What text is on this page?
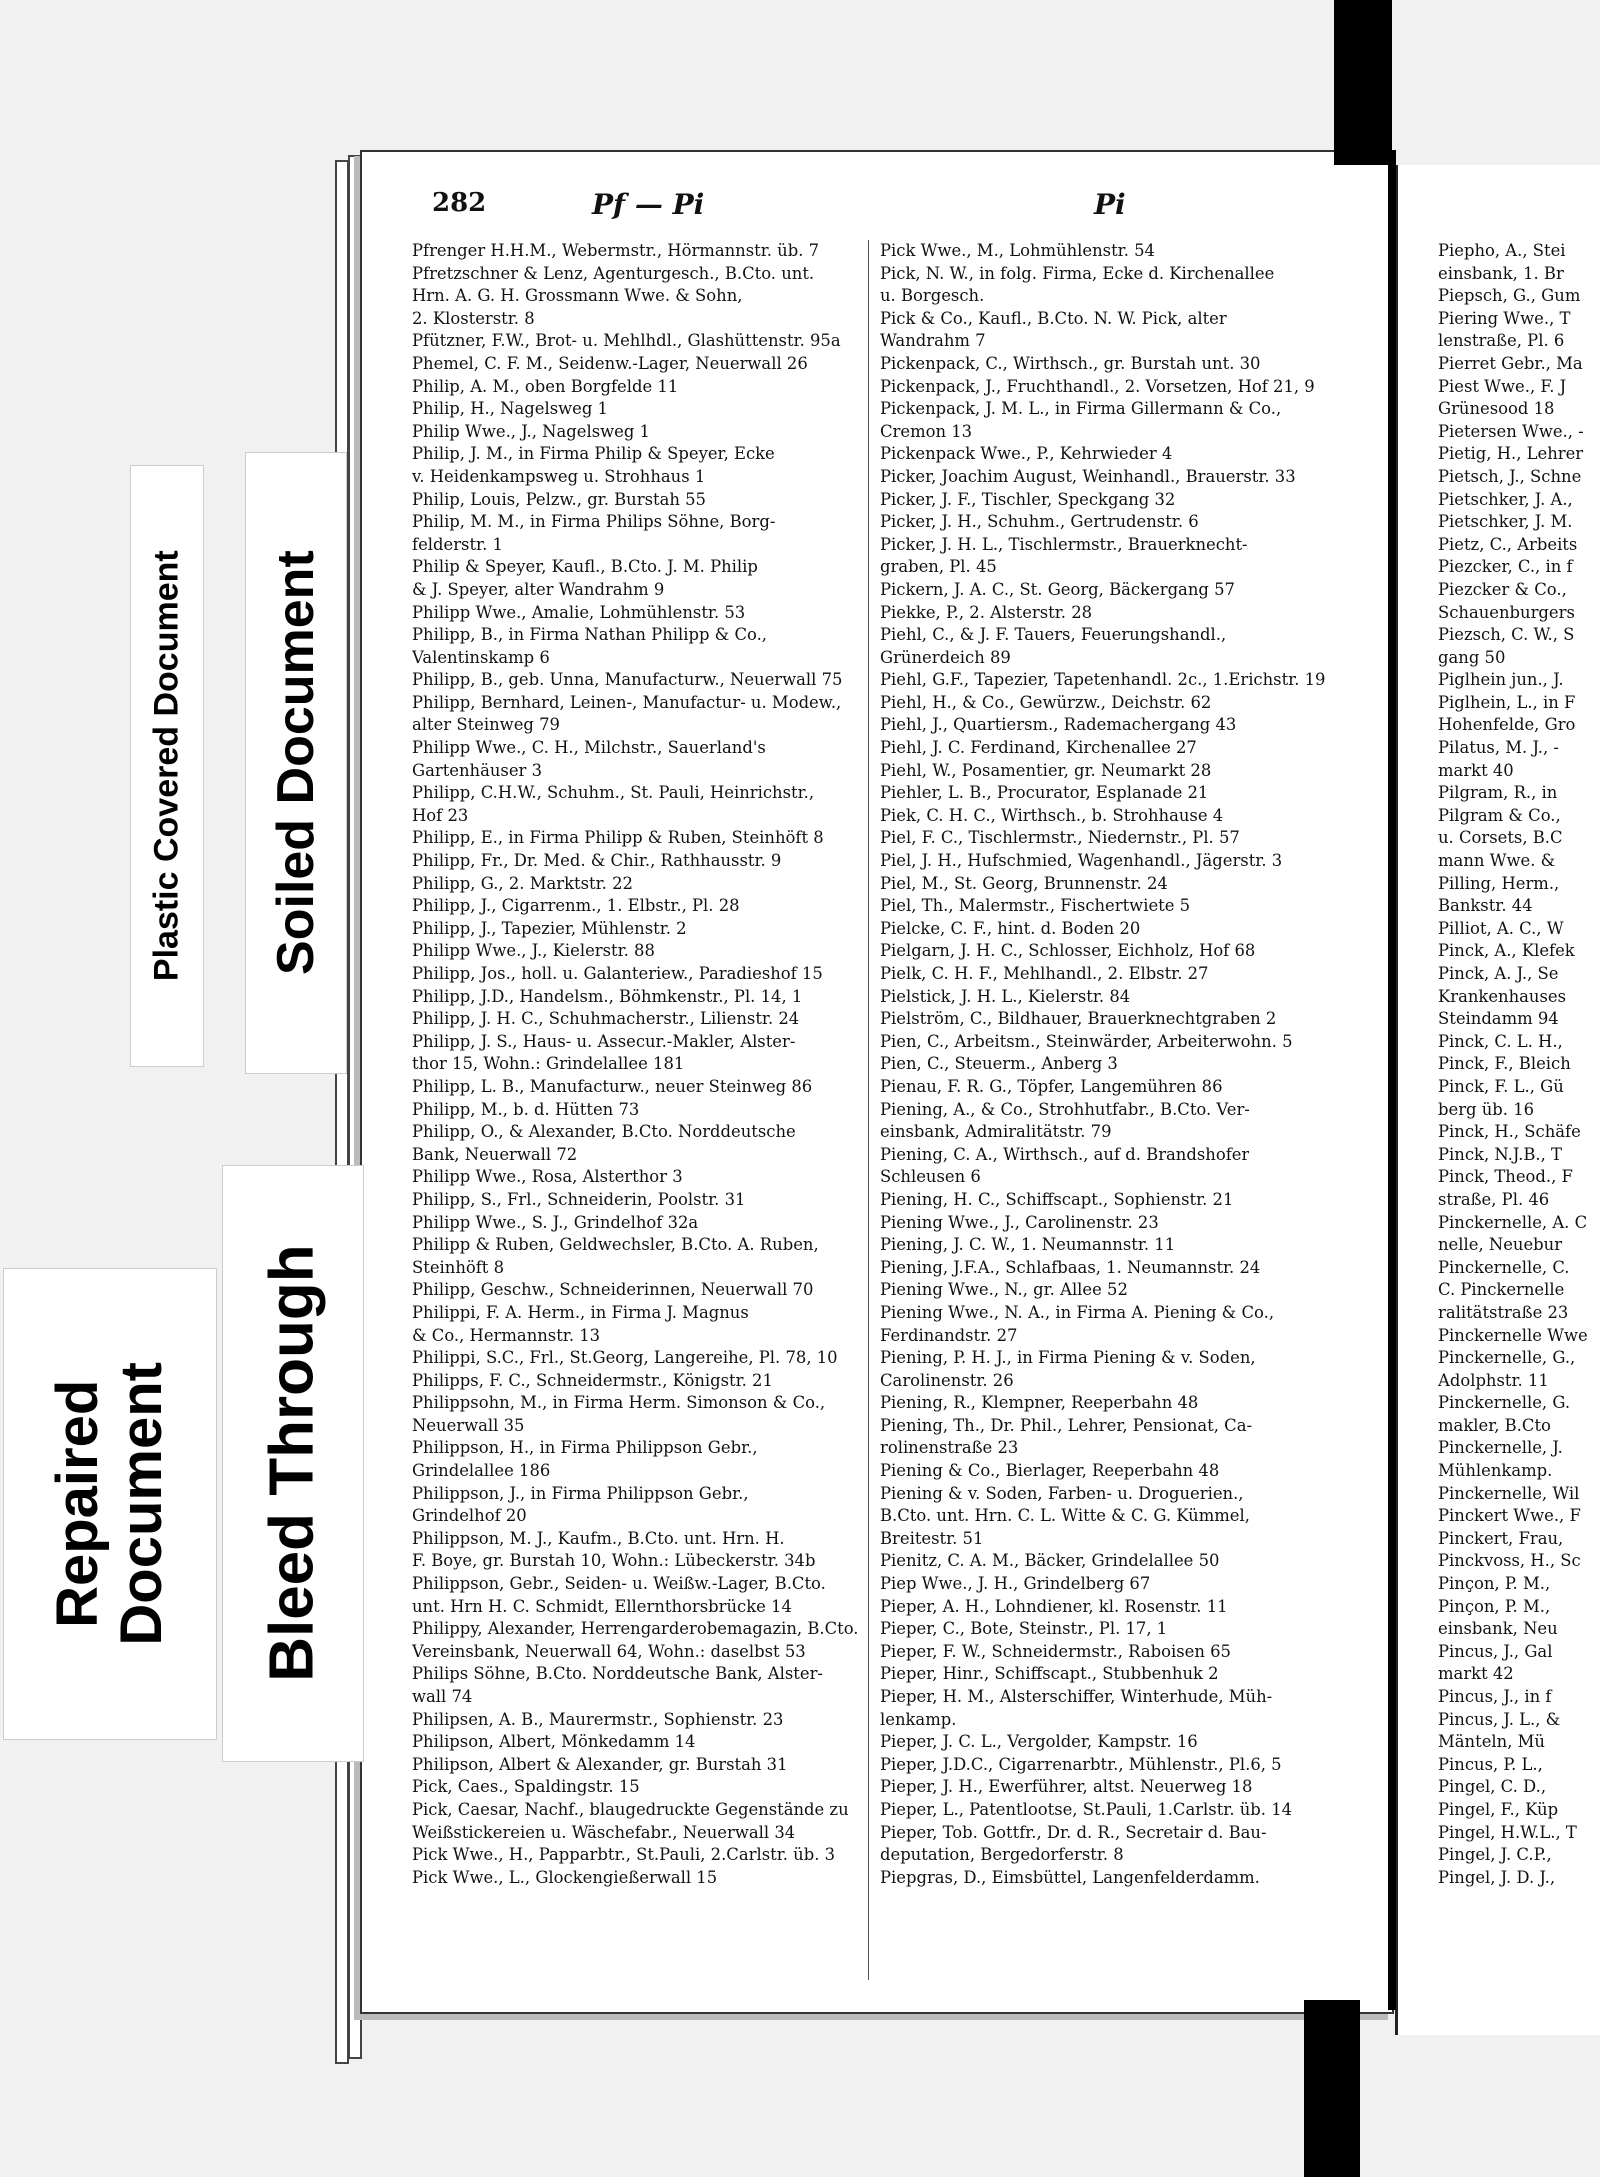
Plastic Covered Document Soiled Document
Repaired
Document Bleed Through
282	Pf — Pi	Pi
Pfrenger H.H.M., Webermstr., Hörmannstr. üb. 7
Pfretzschner & Lenz, Agenturgesch., B.Cto. unt.
Hrn. A. G. H. Grossmann Wwe. & Sohn,
2. Klosterstr. 8
Pfützner, F.W., Brot- u. Mehlhdl., Glashüttenstr. 95a
Phemel, C. F. M., Seidenw.-Lager, Neuerwall 26
Philip, A. M., oben Borgfelde 11
Philip, H., Nagelsweg 1
Philip Wwe., J., Nagelsweg 1
Philip, J. M., in Firma Philip & Speyer, Ecke
v. Heidenkampsweg u. Strohhaus 1
Philip, Louis, Pelzw., gr. Burstah 55
Philip, M. M., in Firma Philips Söhne, Borg-
felderstr. 1
Philip & Speyer, Kaufl., B.Cto. J. M. Philip
& J. Speyer, alter Wandrahm 9
Philipp Wwe., Amalie, Lohmühlenstr. 53
Philipp, B., in Firma Nathan Philipp & Co.,
Valentinskamp 6
Philipp, B., geb. Unna, Manufacturw., Neuerwall 75
Philipp, Bernhard, Leinen-, Manufactur- u. Modew.,
alter Steinweg 79
Philipp Wwe., C. H., Milchstr., Sauerland's
Gartenhäuser 3
Philipp, C.H.W., Schuhm., St. Pauli, Heinrichstr.,
Hof 23
Philipp, E., in Firma Philipp & Ruben, Steinhöft 8
Philipp, Fr., Dr. Med. & Chir., Rathhausstr. 9
Philipp, G., 2. Marktstr. 22
Philipp, J., Cigarrenm., 1. Elbstr., Pl. 28
Philipp, J., Tapezier, Mühlenstr. 2
Philipp Wwe., J., Kielerstr. 88
Philipp, Jos., holl. u. Galanteriew., Paradieshof 15
Philipp, J.D., Handelsm., Böhmkenstr., Pl. 14, 1
Philipp, J. H. C., Schuhmacherstr., Lilienstr. 24
Philipp, J. S., Haus- u. Assecur.-Makler, Alster-
thor 15, Wohn.: Grindelallee 181
Philipp, L. B., Manufacturw., neuer Steinweg 86
Philipp, M., b. d. Hütten 73
Philipp, O., & Alexander, B.Cto. Norddeutsche
Bank, Neuerwall 72
Philipp Wwe., Rosa, Alsterthor 3
Philipp, S., Frl., Schneiderin, Poolstr. 31
Philipp Wwe., S. J., Grindelhof 32a
Philipp & Ruben, Geldwechsler, B.Cto. A. Ruben,
Steinhöft 8
Philipp, Geschw., Schneiderinnen, Neuerwall 70
Philippi, F. A. Herm., in Firma J. Magnus
& Co., Hermannstr. 13
Philippi, S.C., Frl., St.Georg, Langereihe, Pl. 78, 10
Philipps, F. C., Schneidermstr., Königstr. 21
Philippsohn, M., in Firma Herm. Simonson & Co.,
Neuerwall 35
Philippson, H., in Firma Philippson Gebr.,
Grindelallee 186
Philippson, J., in Firma Philippson Gebr.,
Grindelhof 20
Philippson, M. J., Kaufm., B.Cto. unt. Hrn. H.
F. Boye, gr. Burstah 10, Wohn.: Lübeckerstr. 34b
Philippson, Gebr., Seiden- u. Weißw.-Lager, B.Cto.
unt. Hrn H. C. Schmidt, Ellernthorsbrücke 14
Philippy, Alexander, Herrengarderobemagazin, B.Cto.
Vereinsbank, Neuerwall 64, Wohn.: daselbst 53
Philips Söhne, B.Cto. Norddeutsche Bank, Alster-
wall 74
Philipsen, A. B., Maurermstr., Sophienstr. 23
Philipson, Albert, Mönkedamm 14
Philipson, Albert & Alexander, gr. Burstah 31
Pick, Caes., Spaldingstr. 15
Pick, Caesar, Nachf., blaugedruckte Gegenstände zu
Weißstickereien u. Wäschefabr., Neuerwall 34
Pick Wwe., H., Papparbtr., St.Pauli, 2.Carlstr. üb. 3
Pick Wwe., L., Glockengießerwall 15
Pick Wwe., M., Lohmühlenstr. 54
Pick, N. W., in folg. Firma, Ecke d. Kirchenallee
u. Borgesch.
Pick & Co., Kaufl., B.Cto. N. W. Pick, alter
Wandrahm 7
Pickenpack, C., Wirthsch., gr. Burstah unt. 30
Pickenpack, J., Fruchthandl., 2. Vorsetzen, Hof 21, 9
Pickenpack, J. M. L., in Firma Gillermann & Co.,
Cremon 13
Pickenpack Wwe., P., Kehrwieder 4
Picker, Joachim August, Weinhandl., Brauerstr. 33
Picker, J. F., Tischler, Speckgang 32
Picker, J. H., Schuhm., Gertrudenstr. 6
Picker, J. H. L., Tischlermstr., Brauerknecht-
graben, Pl. 45
Pickern, J. A. C., St. Georg, Bäckergang 57
Piekke, P., 2. Alsterstr. 28
Piehl, C., & J. F. Tauers, Feuerungshandl.,
Grünerdeich 89
Piehl, G.F., Tapezier, Tapetenhandl. 2c., 1.Erichstr. 19
Piehl, H., & Co., Gewürzw., Deichstr. 62
Piehl, J., Quartiersm., Rademachergang 43
Piehl, J. C. Ferdinand, Kirchenallee 27
Piehl, W., Posamentier, gr. Neumarkt 28
Piehler, L. B., Procurator, Esplanade 21
Piek, C. H. C., Wirthsch., b. Strohhause 4
Piel, F. C., Tischlermstr., Niedernstr., Pl. 57
Piel, J. H., Hufschmied, Wagenhandl., Jägerstr. 3
Piel, M., St. Georg, Brunnenstr. 24
Piel, Th., Malermstr., Fischertwiete 5
Pielcke, C. F., hint. d. Boden 20
Pielgarn, J. H. C., Schlosser, Eichholz, Hof 68
Pielk, C. H. F., Mehlhandl., 2. Elbstr. 27
Pielstick, J. H. L., Kielerstr. 84
Pielström, C., Bildhauer, Brauerknechtgraben 2
Pien, C., Arbeitsm., Steinwärder, Arbeiterwohn. 5
Pien, C., Steuerm., Anberg 3
Pienau, F. R. G., Töpfer, Langemühren 86
Piening, A., & Co., Strohhutfabr., B.Cto. Ver-
einsbank, Admiralitätstr. 79
Piening, C. A., Wirthsch., auf d. Brandshofer
Schleusen 6
Piening, H. C., Schiffscapt., Sophienstr. 21
Piening Wwe., J., Carolinenstr. 23
Piening, J. C. W., 1. Neumannstr. 11
Piening, J.F.A., Schlafbaas, 1. Neumannstr. 24
Piening Wwe., N., gr. Allee 52
Piening Wwe., N. A., in Firma A. Piening & Co.,
Ferdinandstr. 27
Piening, P. H. J., in Firma Piening & v. Soden,
Carolinenstr. 26
Piening, R., Klempner, Reeperbahn 48
Piening, Th., Dr. Phil., Lehrer, Pensionat, Ca-
rolinenstraße 23
Piening & Co., Bierlager, Reeperbahn 48
Piening & v. Soden, Farben- u. Droguerien.,
B.Cto. unt. Hrn. C. L. Witte & C. G. Kümmel,
Breitestr. 51
Pienitz, C. A. M., Bäcker, Grindelallee 50
Piep Wwe., J. H., Grindelberg 67
Pieper, A. H., Lohndiener, kl. Rosenstr. 11
Pieper, C., Bote, Steinstr., Pl. 17, 1
Pieper, F. W., Schneidermstr., Raboisen 65
Pieper, Hinr., Schiffscapt., Stubbenhuk 2
Pieper, H. M., Alsterschiffer, Winterhude, Müh-
lenkamp.
Pieper, J. C. L., Vergolder, Kampstr. 16
Pieper, J.D.C., Cigarrenarbtr., Mühlenstr., Pl.6, 5
Pieper, J. H., Ewerführer, altst. Neuerweg 18
Pieper, L., Patentlootse, St.Pauli, 1.Carlstr. üb. 14
Pieper, Tob. Gottfr., Dr. d. R., Secretair d. Bau-
deputation, Bergedorferstr. 8
Piepgras, D., Eimsbüttel, Langenfelderdamm.
Piepho, A., Stei
einsbank, 1. Br
Piepsch, G., Gum
Piering Wwe., T
lenstraße, Pl. 6
Pierret Gebr., Ma
Piest Wwe., F. J
Grünesood 18
Pietersen Wwe., -
Pietig, H., Lehrer
Pietsch, J., Schne
Pietschker, J. A.,
Pietschker, J. M.
Pietz, C., Arbeits
Piezcker, C., in f
Piezcker & Co.,
Schauenburgers
Piezsch, C. W., S
gang 50
Piglhein jun., J.
Piglhein, L., in F
Hohenfelde, Gro
Pilatus, M. J., -
markt 40
Pilgram, R., in
Pilgram & Co.,
u. Corsets, B.C
mann Wwe. &
Pilling, Herm.,
Bankstr. 44
Pilliot, A. C., W
Pinck, A., Klefek
Pinck, A. J., Se
Krankenhauses
Steindamm 94
Pinck, C. L. H.,
Pinck, F., Bleich
Pinck, F. L., Gü
berg üb. 16
Pinck, H., Schäfe
Pinck, N.J.B., T
Pinck, Theod., F
straße, Pl. 46
Pinckernelle, A. C
nelle, Neuebur
Pinckernelle, C.
C. Pinckernelle
ralitätstraße 23
Pinckernelle Wwe
Pinckernelle, G.,
Adolphstr. 11
Pinckernelle, G.
makler, B.Cto
Pinckernelle, J.
Mühlenkamp.
Pinckernelle, Wil
Pinckert Wwe., F
Pinckert, Frau,
Pinckvoss, H., Sc
Pinçon, P. M.,
Pinçon, P. M.,
einsbank, Neu
Pincus, J., Gal
markt 42
Pincus, J., in f
Pincus, J. L., &
Mänteln, Mü
Pincus, P. L.,
Pingel, C. D.,
Pingel, F., Küp
Pingel, H.W.L., T
Pingel, J. C.P.,
Pingel, J. D. J.,
